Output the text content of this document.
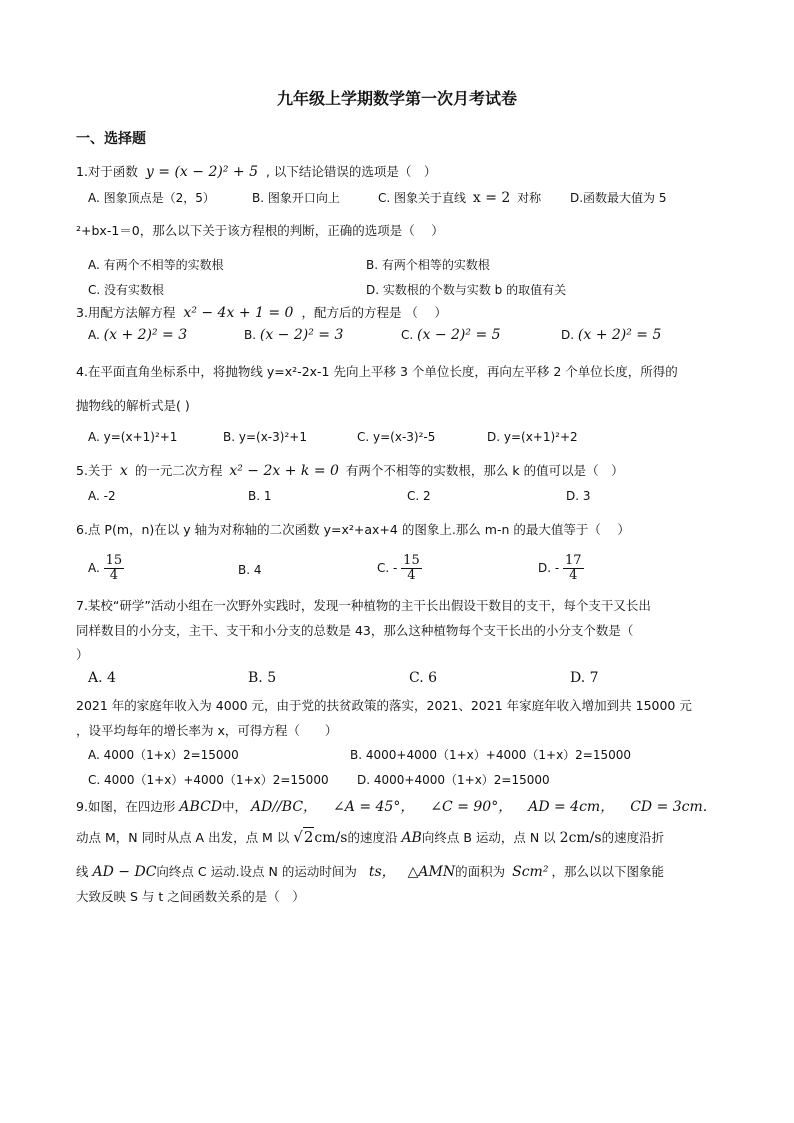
九年级上学期数学第一次月考试卷
一、选择题
1.对于函数 y = (x − 2)² + 5 , 以下结论错误的选项是（　）
A. 图象顶点是（2，5）	B. 图象开口向上	C. 图象关于直线 x = 2 对称 D.函数最大值为 5
²+bx-1＝0，那么以下关于该方程根的判断，正确的选项是（　 ）
A. 有两个不相等的实数根	B. 有两个相等的实数根
C. 没有实数根	D. 实数根的个数与实数 b 的取值有关
3.用配方法解方程 x² − 4x + 1 = 0 ，配方后的方程是 （　 ）
A. (x + 2)² = 3	B. (x − 2)² = 3	C. (x − 2)² = 5	D. (x + 2)² = 5
4.在平面直角坐标系中，将抛物线 y=x²-2x-1 先向上平移 3 个单位长度，再向左平移 2 个单位长度，所得的
抛物线的解析式是( )
A. y=(x+1)²+1	B. y=(x-3)²+1	C. y=(x-3)²-5	D. y=(x+1)²+2
5.关于 x 的一元二次方程 x² − 2x + k = 0 有两个不相等的实数根，那么 k 的值可以是（　）
A. -2	B. 1	C. 2	D. 3
6.点 P(m，n)在以 y 轴为对称轴的二次函数 y=x²+ax+4 的图象上.那么 m-n 的最大值等于（　 ）
A. $\frac{15}{4}$	B. 4	C. - $\frac{15}{4}$	D. - $\frac{17}{4}$
7.某校“研学”活动小组在一次野外实践时，发现一种植物的主干长出假设干数目的支干，每个支干又长出
同样数目的小分支，主干、支干和小分支的总数是 43，那么这种植物每个支干长出的小分支个数是（
）
A. 4	B. 5	C. 6	D. 7
2021 年的家庭年收入为 4000 元，由于党的扶贫政策的落实，2021、2021 年家庭年收入增加到共 15000 元
，设平均每年的增长率为 x，可得方程（　　）
A. 4000（1+x）2=15000	B. 4000+4000（1+x）+4000（1+x）2=15000
C. 4000（1+x）+4000（1+x）2=15000 D. 4000+4000（1+x）2=15000
9.如图，在四边形 ABCD中， AD//BC， ∠A = 45°， ∠C = 90°， AD = 4cm， CD = 3cm.
动点 M，N 同时从点 A 出发，点 M 以 √2cm/s的速度沿 AB向终点 B 运动，点 N 以 2cm/s的速度沿折
线 AD − DC向终点 C 运动.设点 N 的运动时间为 ts， △AMN的面积为 Scm² ，那么以以下图象能
大致反映 S 与 t 之间函数关系的是（　）
